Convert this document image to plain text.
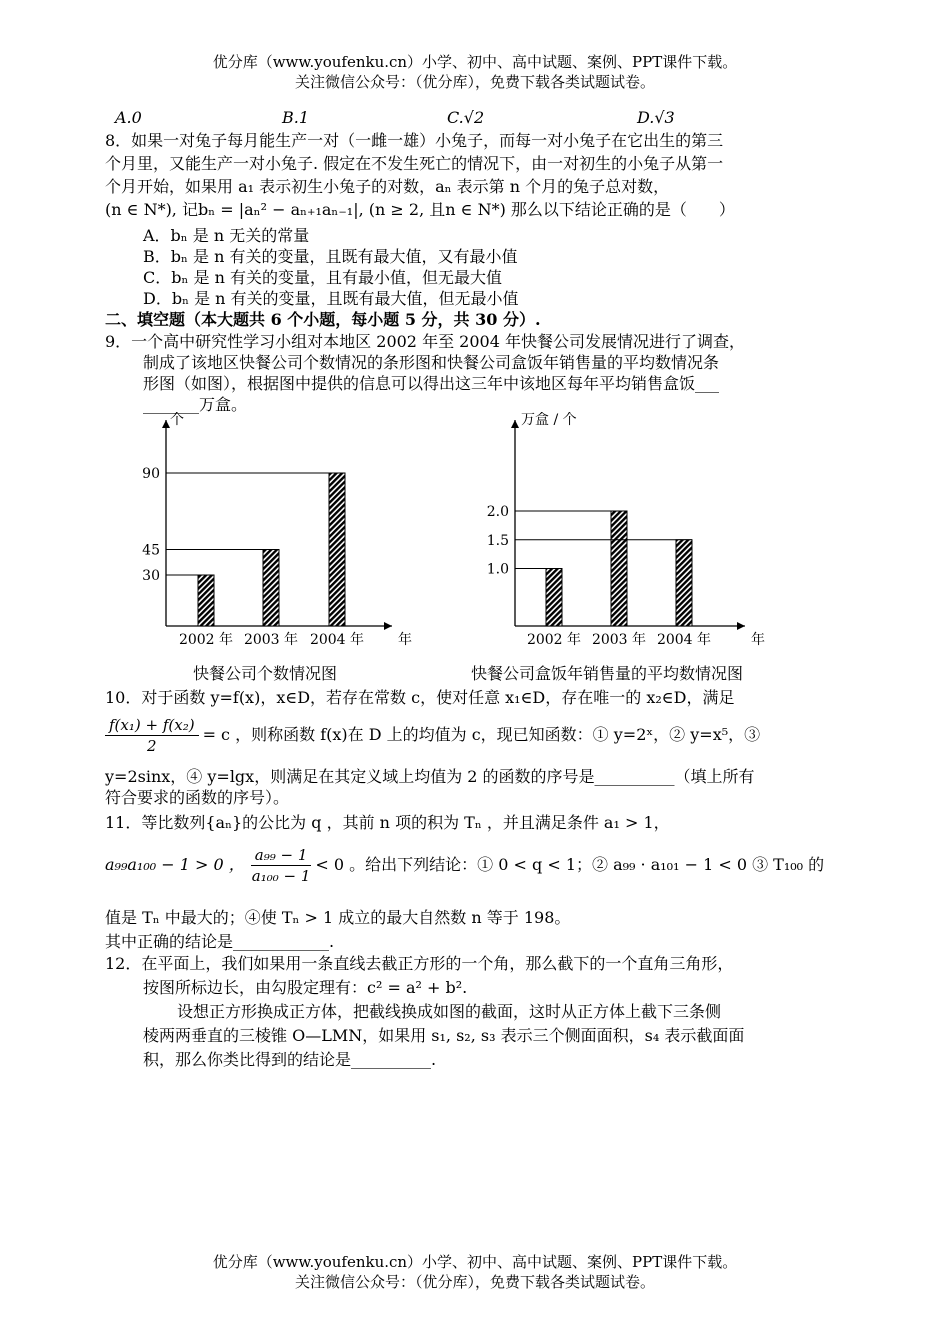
优分库（www.youfenku.cn）小学、初中、高中试题、案例、PPT课件下载。
关注微信公众号：（优分库），免费下载各类试题试卷。
A.0	B.1	C.√2	D.√3
8．如果一对兔子每月能生产一对（一雌一雄）小兔子，而每一对小兔子在它出生的第三
个月里，又能生产一对小兔子. 假定在不发生死亡的情况下，由一对初生的小兔子从第一
个月开始，如果用 a₁ 表示初生小兔子的对数，aₙ 表示第 n 个月的兔子总对数，
(n ∈ N*), 记bₙ = |aₙ² − aₙ₊₁aₙ₋₁|, (n ≥ 2, 且n ∈ N*) 那么以下结论正确的是（　　）
A．bₙ 是 n 无关的常量
B．bₙ 是 n 有关的变量，且既有最大值，又有最小值
C．bₙ 是 n 有关的变量，且有最小值，但无最大值
D．bₙ 是 n 有关的变量，且既有最大值，但无最小值
二、填空题（本大题共 6 个小题，每小题 5 分，共 30 分）.
9．一个高中研究性学习小组对本地区 2002 年至 2004 年快餐公司发展情况进行了调查，
制成了该地区快餐公司个数情况的条形图和快餐公司盒饭年销售量的平均数情况条
形图（如图），根据图中提供的信息可以得出这三年中该地区每年平均销售盒饭___
_______万盒。
个
年
2002 年 2003 年 2004 年
30
45
90
万盒 / 个
年
2002 年 2003 年 2004 年
1.0
1.5
2.0
快餐公司个数情况图	快餐公司盒饭年销售量的平均数情况图
10．对于函数 y=f(x)，x∈D，若存在常数 c，使对任意 x₁∈D，存在唯一的 x₂∈D，满足
$\frac{\text{f(x₁) + f(x₂)}}{2} = c$ ，则称函数 f(x)在 D 上的均值为 c，现已知函数：① y=2ˣ，② y=x⁵，③
y=2sinx，④ y=lgx，则满足在其定义域上均值为 2 的函数的序号是__________（填上所有
符合要求的函数的序号）。
11．等比数列{aₙ}的公比为 q ，其前 n 项的积为 Tₙ ，并且满足条件 a₁ > 1，
a₉₉a₁₀₀ − 1 > 0 ， $\frac{\text{a₉₉ − 1}}{\text{a₁₀₀ − 1}} < 0$ 。给出下列结论：① 0 < q < 1；② a₉₉ · a₁₀₁ − 1 < 0 ③ T₁₀₀ 的
值是 Tₙ 中最大的；④使 Tₙ > 1 成立的最大自然数 n 等于 198。
其中正确的结论是____________.
12．在平面上，我们如果用一条直线去截正方形的一个角，那么截下的一个直角三角形，
按图所标边长，由勾股定理有：c² = a² + b².
设想正方形换成正方体，把截线换成如图的截面，这时从正方体上截下三条侧
棱两两垂直的三棱锥 O—LMN，如果用 s₁, s₂, s₃ 表示三个侧面面积，s₄ 表示截面面
积，那么你类比得到的结论是__________.
优分库（www.youfenku.cn）小学、初中、高中试题、案例、PPT课件下载。
关注微信公众号：（优分库），免费下载各类试题试卷。
